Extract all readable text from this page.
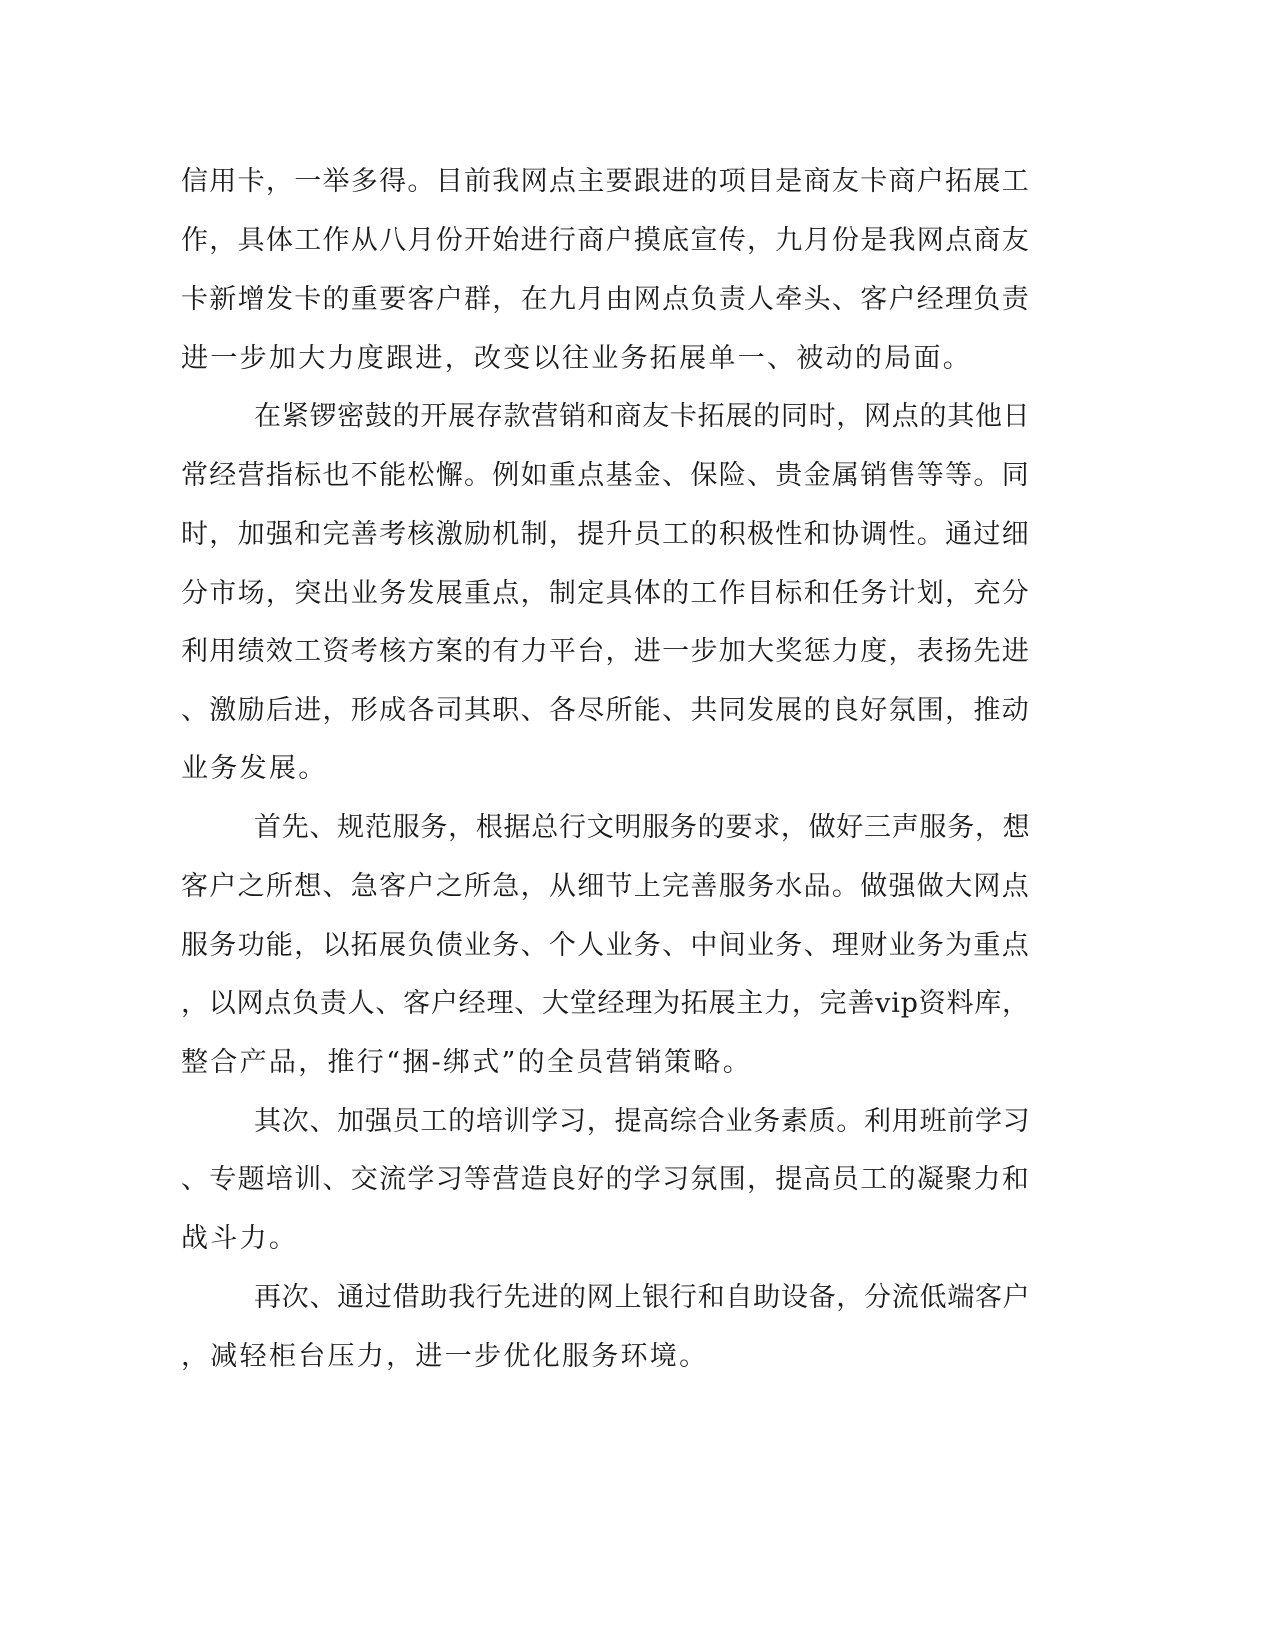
信用卡，一举多得。目前我网点主要跟进的项目是商友卡商户拓展工
作，具体工作从八月份开始进行商户摸底宣传，九月份是我网点商友
卡新增发卡的重要客户群，在九月由网点负责人牵头、客户经理负责
进一步加大力度跟进，改变以往业务拓展单一、被动的局面。
在紧锣密鼓的开展存款营销和商友卡拓展的同时，网点的其他日
常经营指标也不能松懈。例如重点基金、保险、贵金属销售等等。同
时，加强和完善考核激励机制，提升员工的积极性和协调性。通过细
分市场，突出业务发展重点，制定具体的工作目标和任务计划，充分
利用绩效工资考核方案的有力平台，进一步加大奖惩力度，表扬先进
、激励后进，形成各司其职、各尽所能、共同发展的良好氛围，推动
业务发展。
首先、规范服务，根据总行文明服务的要求，做好三声服务，想
客户之所想、急客户之所急，从细节上完善服务水品。做强做大网点
服务功能，以拓展负债业务、个人业务、中间业务、理财业务为重点
，以网点负责人、客户经理、大堂经理为拓展主力，完善vip资料库，
整合产品，推行“捆-绑式”的全员营销策略。
其次、加强员工的培训学习，提高综合业务素质。利用班前学习
、专题培训、交流学习等营造良好的学习氛围，提高员工的凝聚力和
战斗力。
再次、通过借助我行先进的网上银行和自助设备，分流低端客户
，减轻柜台压力，进一步优化服务环境。
